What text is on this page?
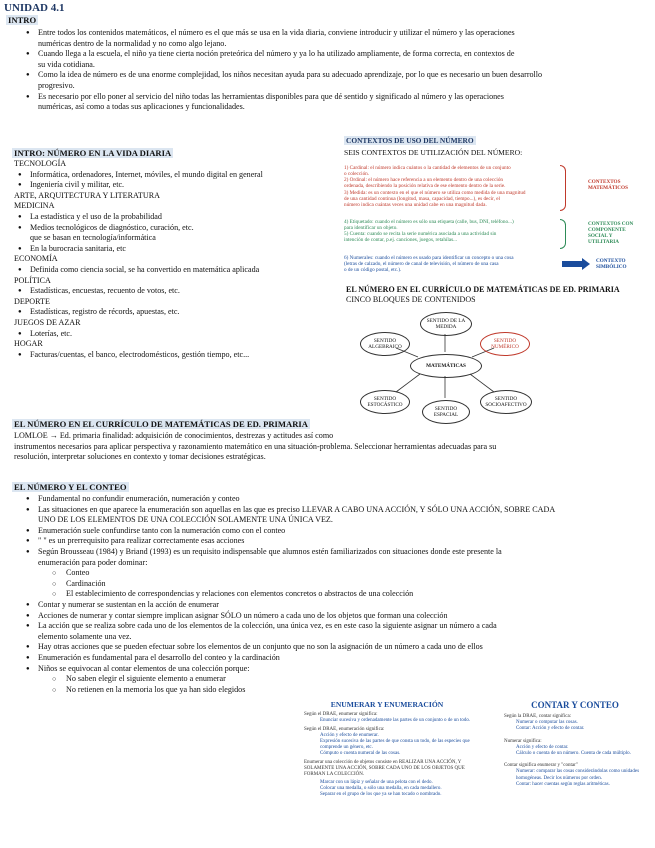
UNIDAD 4.1
INTRO
● Entre todos los contenidos matemáticos, el número es el que más se usa en la vida diaria, conviene introducir y utilizar el número y las operaciones
numéricas dentro de la normalidad y no como algo lejano.
● Cuando llega a la escuela, el niño ya tiene cierta noción preteórica del número y ya lo ha utilizado ampliamente, de forma correcta, en contextos de
su vida cotidiana.
● Como la idea de número es de una enorme complejidad, los niños necesitan ayuda para su adecuado aprendizaje, por lo que es necesario un buen desarrollo
progresivo.
● Es necesario por ello poner al servicio del niño todas las herramientas disponibles para que dé sentido y significado al número y las operaciones
numéricas, así como a todas sus aplicaciones y funcionalidades.
INTRO: NÚMERO EN LA VIDA DIARIA
TECNOLOGÍA
● Informática, ordenadores, Internet, móviles, el mundo digital en general
● Ingeniería civil y militar, etc.
ARTE, ARQUITECTURA Y LITERATURA
MEDICINA
● La estadística y el uso de la probabilidad
● Medios tecnológicos de diagnóstico, curación, etc.
que se basan en tecnología/informática
● En la burocracia sanitaria, etc
ECONOMÍA
● Definida como ciencia social, se ha convertido en matemática aplicada
POLÍTICA
● Estadísticas, encuestas, recuento de votos, etc.
DEPORTE
● Estadísticas, registro de récords, apuestas, etc.
JUEGOS DE AZAR
● Loterías, etc.
HOGAR
● Facturas/cuentas, el banco, electrodomésticos, gestión tiempo, etc...
CONTEXTOS DE USO DEL NÚMERO
SEIS CONTEXTOS DE UTILIZACIÓN DEL NÚMERO:
1) Cardinal: el número indica cuántos o la cantidad de elementos de un conjunto
o colección.
2) Ordinal: el número hace referencia a un elemento dentro de una colección
ordenada, describiendo la posición relativa de ese elemento dentro de la serie.
3) Medida: es un contexto en el que el número se utiliza como medida de una magnitud
de una cantidad continua (longitud, masa, capacidad, tiempo...), es decir, el
número indica cuántas veces una unidad cabe en una magnitud dada.
CONTEXTOS
MATEMÁTICOS
4) Etiquetado: cuando el número es sólo una etiqueta (calle, bus, DNI, teléfono...)
para identificar un objeto.
5) Cuenta: cuando se recita la serie numérica asociada a una actividad sin
intención de contar, p.ej. canciones, juegos, retahílas...
CONTEXTOS CON
COMPONENTE
SOCIAL Y
UTILITARIA
6) Numerales: cuando el número es usado para identificar un concepto o una cosa
(letras de calzado, el número de canal de televisión, el número de una casa
o de un código postal, etc.).
CONTEXTO
SIMBÓLICO
EL NÚMERO EN EL CURRÍCULO DE MATEMÁTICAS DE ED. PRIMARIA
CINCO BLOQUES DE CONTENIDOS
MATEMÁTICAS
SENTIDO DE LA MEDIDA
SENTIDO ALGEBRAICO
SENTIDO NUMÉRICO
SENTIDO ESTOCÁSTICO
SENTIDO SOCIOAFECTIVO
SENTIDO ESPACIAL
EL NÚMERO EN EL CURRÍCULO DE MATEMÁTICAS DE ED. PRIMARIA
LOMLOE → Ed. primaria finalidad: adquisición de conocimientos, destrezas y actitudes así como
instrumentos necesarios para aplicar perspectiva y razonamiento matemático en una situación-problema. Seleccionar herramientas adecuadas para su
resolución, interpretar soluciones en contexto y tomar decisiones estratégicas.
EL NÚMERO Y EL CONTEO
● Fundamental no confundir enumeración, numeración y conteo
● Las situaciones en que aparece la enumeración son aquellas en las que es preciso LLEVAR A CABO UNA ACCIÓN, Y SÓLO UNA ACCIÓN, SOBRE CADA
UNO DE LOS ELEMENTOS DE UNA COLECCIÓN SOLAMENTE UNA ÚNICA VEZ.
● Enumeración suele confundirse tanto con la numeración como con el conteo
● " " es un prerrequisito para realizar correctamente esas acciones
● Según Brousseau (1984) y Briand (1993) es un requisito indispensable que alumnos estén familiarizados con situaciones donde este presente la
enumeración para poder dominar:
○ Conteo
○ Cardinación
○ El establecimiento de correspondencias y relaciones con elementos concretos o abstractos de una colección
● Contar y numerar se sustentan en la acción de enumerar
● Acciones de numerar y contar siempre implican asignar SÓLO un número a cada uno de los objetos que forman una colección
● La acción que se realiza sobre cada uno de los elementos de la colección, una única vez, es en este caso la siguiente asignar un número a cada
elemento solamente una vez.
● Hay otras acciones que se pueden efectuar sobre los elementos de un conjunto que no son la asignación de un número a cada uno de ellos
● Enumeración es fundamental para el desarrollo del conteo y la cardinación
● Niños se equivocan al contar elementos de una colección porque:
○ No saben elegir el siguiente elemento a enumerar
○ No retienen en la memoria los que ya han sido elegidos
ENUMERAR Y ENUMERACIÓN
Según el DRAE, enumerar significa:
Enunciar sucesiva y ordenadamente las partes de un conjunto o de un todo.
Según el DRAE, enumeración significa:
Acción y efecto de enumerar.
Expresión sucesiva de las partes de que consta un todo, de las especies que comprende un género, etc.
Cómputo o cuenta numeral de las cosas.
Enumerar una colección de objetos consiste en REALIZAR UNA ACCIÓN, Y SOLAMENTE UNA ACCIÓN, SOBRE CADA UNO DE LOS OBJETOS QUE FORMAN LA COLECCIÓN.
Marcar con un lápiz y señalar de una pelota con el dedo.
Colocar una medalla, o sólo una medalla, en cada medallero.
Separar en el grupo de los que ya se han tocado o nombrado.
CONTAR Y CONTEO
Según la DRAE, contar significa:
Numerar o computar las cosas.
Contar: Acción y efecto de contar.
Numerar significa:
Acción y efecto de contar.
Cálculo o cuenta de un número. Cuenta de cada múltiplo.
Contar significa enumerar y "contar"
Numerar: comparar las cosas considerándolas como unidades homogéneas. Decir los números por orden.
Contar: hacer cuentas según reglas aritméticas.
